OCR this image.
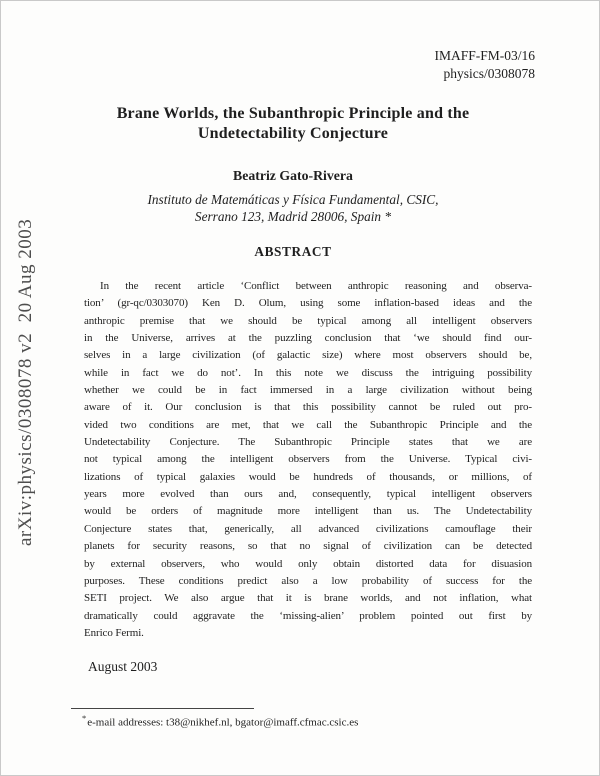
arXiv:physics/0308078 v2  20 Aug 2003
IMAFF-FM-03/16
physics/0308078
Brane Worlds, the Subanthropic Principle and the
Undetectability Conjecture
Beatriz Gato-Rivera
Instituto de Matemáticas y Física Fundamental, CSIC,
Serrano 123, Madrid 28006, Spain *
ABSTRACT
In the recent article ‘Conflict between anthropic reasoning and observa-
tion’ (gr-qc/0303070) Ken D. Olum, using some inflation-based ideas and the
anthropic premise that we should be typical among all intelligent observers
in the Universe, arrives at the puzzling conclusion that ‘we should find our-
selves in a large civilization (of galactic size) where most observers should be,
while in fact we do not’. In this note we discuss the intriguing possibility
whether we could be in fact immersed in a large civilization without being
aware of it. Our conclusion is that this possibility cannot be ruled out pro-
vided two conditions are met, that we call the Subanthropic Principle and the
Undetectability Conjecture. The Subanthropic Principle states that we are
not typical among the intelligent observers from the Universe. Typical civi-
lizations of typical galaxies would be hundreds of thousands, or millions, of
years more evolved than ours and, consequently, typical intelligent observers
would be orders of magnitude more intelligent than us. The Undetectability
Conjecture states that, generically, all advanced civilizations camouflage their
planets for security reasons, so that no signal of civilization can be detected
by external observers, who would only obtain distorted data for disuasion
purposes. These conditions predict also a low probability of success for the
SETI project. We also argue that it is brane worlds, and not inflation, what
dramatically could aggravate the ‘missing-alien’ problem pointed out first by
Enrico Fermi.
August 2003
*e-mail addresses: t38@nikhef.nl, bgator@imaff.cfmac.csic.es
